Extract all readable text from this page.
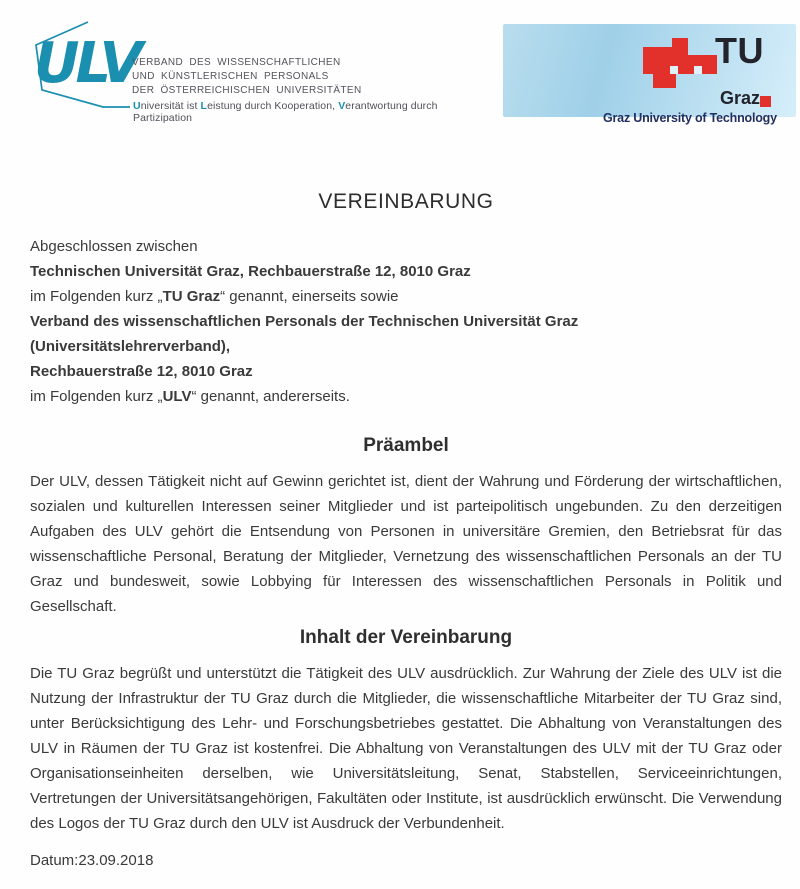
ULV
VERBAND DES WISSENSCHAFTLICHEN
UND KÜNSTLERISCHEN PERSONALS
DER ÖSTERREICHISCHEN UNIVERSITÄTEN
Universität ist Leistung durch Kooperation, Verantwortung durch Partizipation
TU
Graz
Graz University of Technology
VEREINBARUNG
Abgeschlossen zwischen
Technischen Universität Graz, Rechbauerstraße 12, 8010 Graz
im Folgenden kurz „TU Graz“ genannt, einerseits sowie
Verband des wissenschaftlichen Personals der Technischen Universität Graz (Universitätslehrerverband),
Rechbauerstraße 12, 8010 Graz
im Folgenden kurz „ULV“ genannt, andererseits.
Präambel
Der ULV, dessen Tätigkeit nicht auf Gewinn gerichtet ist, dient der Wahrung und Förderung der wirtschaftlichen, sozialen und kulturellen Interessen seiner Mitglieder und ist parteipolitisch ungebunden. Zu den derzeitigen Aufgaben des ULV gehört die Entsendung von Personen in universitäre Gremien, den Betriebsrat für das wissenschaftliche Personal, Beratung der Mitglieder, Vernetzung des wissenschaftlichen Personals an der TU Graz und bundesweit, sowie Lobbying für Interessen des wissenschaftlichen Personals in Politik und Gesellschaft.
Inhalt der Vereinbarung
Die TU Graz begrüßt und unterstützt die Tätigkeit des ULV ausdrücklich. Zur Wahrung der Ziele des ULV ist die Nutzung der Infrastruktur der TU Graz durch die Mitglieder, die wissenschaftliche Mitarbeiter der TU Graz sind, unter Berücksichtigung des Lehr- und Forschungsbetriebes gestattet. Die Abhaltung von Veranstaltungen des ULV in Räumen der TU Graz ist kostenfrei. Die Abhaltung von Veranstaltungen des ULV mit der TU Graz oder Organisationseinheiten derselben, wie Universitätsleitung, Senat, Stabstellen, Serviceeinrichtungen, Vertretungen der Universitätsangehörigen, Fakultäten oder Institute, ist ausdrücklich erwünscht. Die Verwendung des Logos der TU Graz durch den ULV ist Ausdruck der Verbundenheit.
Datum:23.09.2018
